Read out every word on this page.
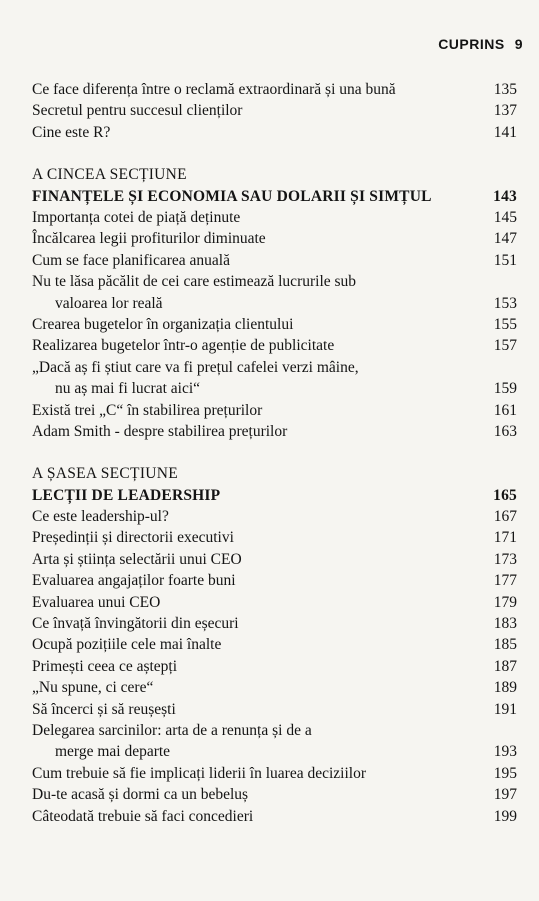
CUPRINS 9
Ce face diferența între o reclamă extraordinară și una bună	135
Secretul pentru succesul clienților	137
Cine este R?	141
A CINCEA SECȚIUNE
FINANȚELE ȘI ECONOMIA SAU DOLARII ȘI SIMȚUL	143
Importanța cotei de piață deținute	145
Încălcarea legii profiturilor diminuate	147
Cum se face planificarea anuală	151
Nu te lăsa păcălit de cei care estimează lucrurile sub
valoarea lor reală	153
Crearea bugetelor în organizația clientului	155
Realizarea bugetelor într-o agenție de publicitate	157
„Dacă aș fi știut care va fi prețul cafelei verzi mâine,
nu aș mai fi lucrat aici“	159
Există trei „C“ în stabilirea prețurilor	161
Adam Smith - despre stabilirea prețurilor	163
A ȘASEA SECȚIUNE
LECȚII DE LEADERSHIP	165
Ce este leadership-ul?	167
Președinții și directorii executivi	171
Arta și știința selectării unui CEO	173
Evaluarea angajaților foarte buni	177
Evaluarea unui CEO	179
Ce învață învingătorii din eșecuri	183
Ocupă pozițiile cele mai înalte	185
Primești ceea ce aștepți	187
„Nu spune, ci cere“	189
Să încerci și să reușești	191
Delegarea sarcinilor: arta de a renunța și de a
merge mai departe	193
Cum trebuie să fie implicați liderii în luarea deciziilor	195
Du-te acasă și dormi ca un bebeluș	197
Câteodată trebuie să faci concedieri	199
